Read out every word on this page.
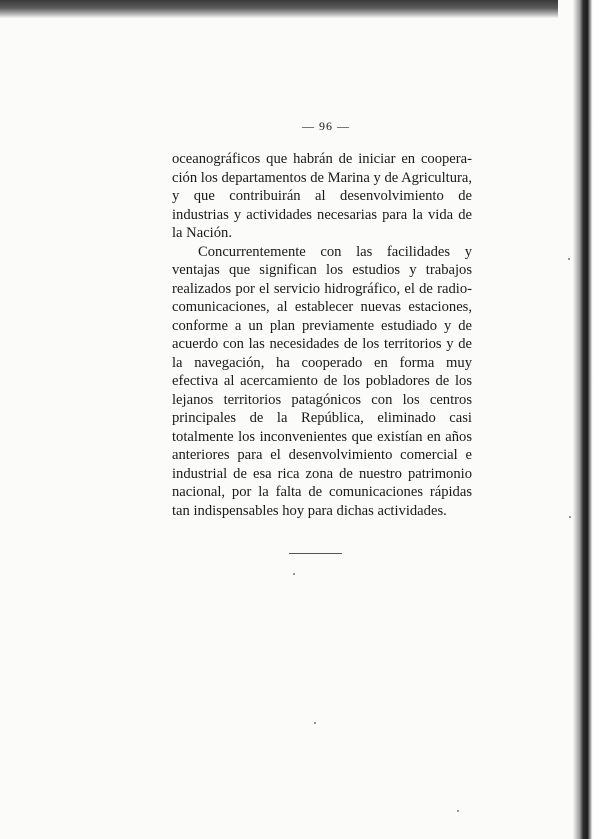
— 96 —

oceanográficos que habrán de iniciar en cooperación los departamentos de Marina y de Agricultura, y que contribuirán al desenvolvimiento de industrias y actividades necesarias para la vida de la Nación.

Concurrentemente con las facilidades y ventajas que significan los estudios y trabajos realizados por el servicio hidrográfico, el de radio-comunicaciones, al establecer nuevas estaciones, conforme a un plan previamente estudiado y de acuerdo con las necesidades de los territorios y de la navegación, ha cooperado en forma muy efectiva al acercamiento de los pobladores de los lejanos territorios patagónicos con los centros principales de la República, eliminado casi totalmente los inconvenientes que existían en años anteriores para el desenvolvimiento comercial e industrial de esa rica zona de nuestro patrimonio nacional, por la falta de comunicaciones rápidas tan indispensables hoy para dichas actividades.
